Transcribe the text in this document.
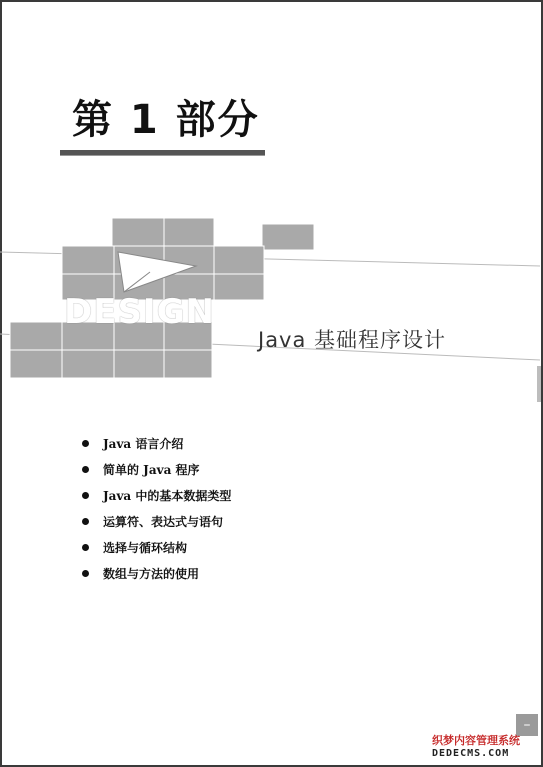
第 1 部分
DESIGN
Java 基础程序设计
Java 语言介绍
简单的 Java 程序
Java 中的基本数据类型
运算符、表达式与语句
选择与循环结构
数组与方法的使用
–
织梦内容管理系统
DEDECMS.COM
